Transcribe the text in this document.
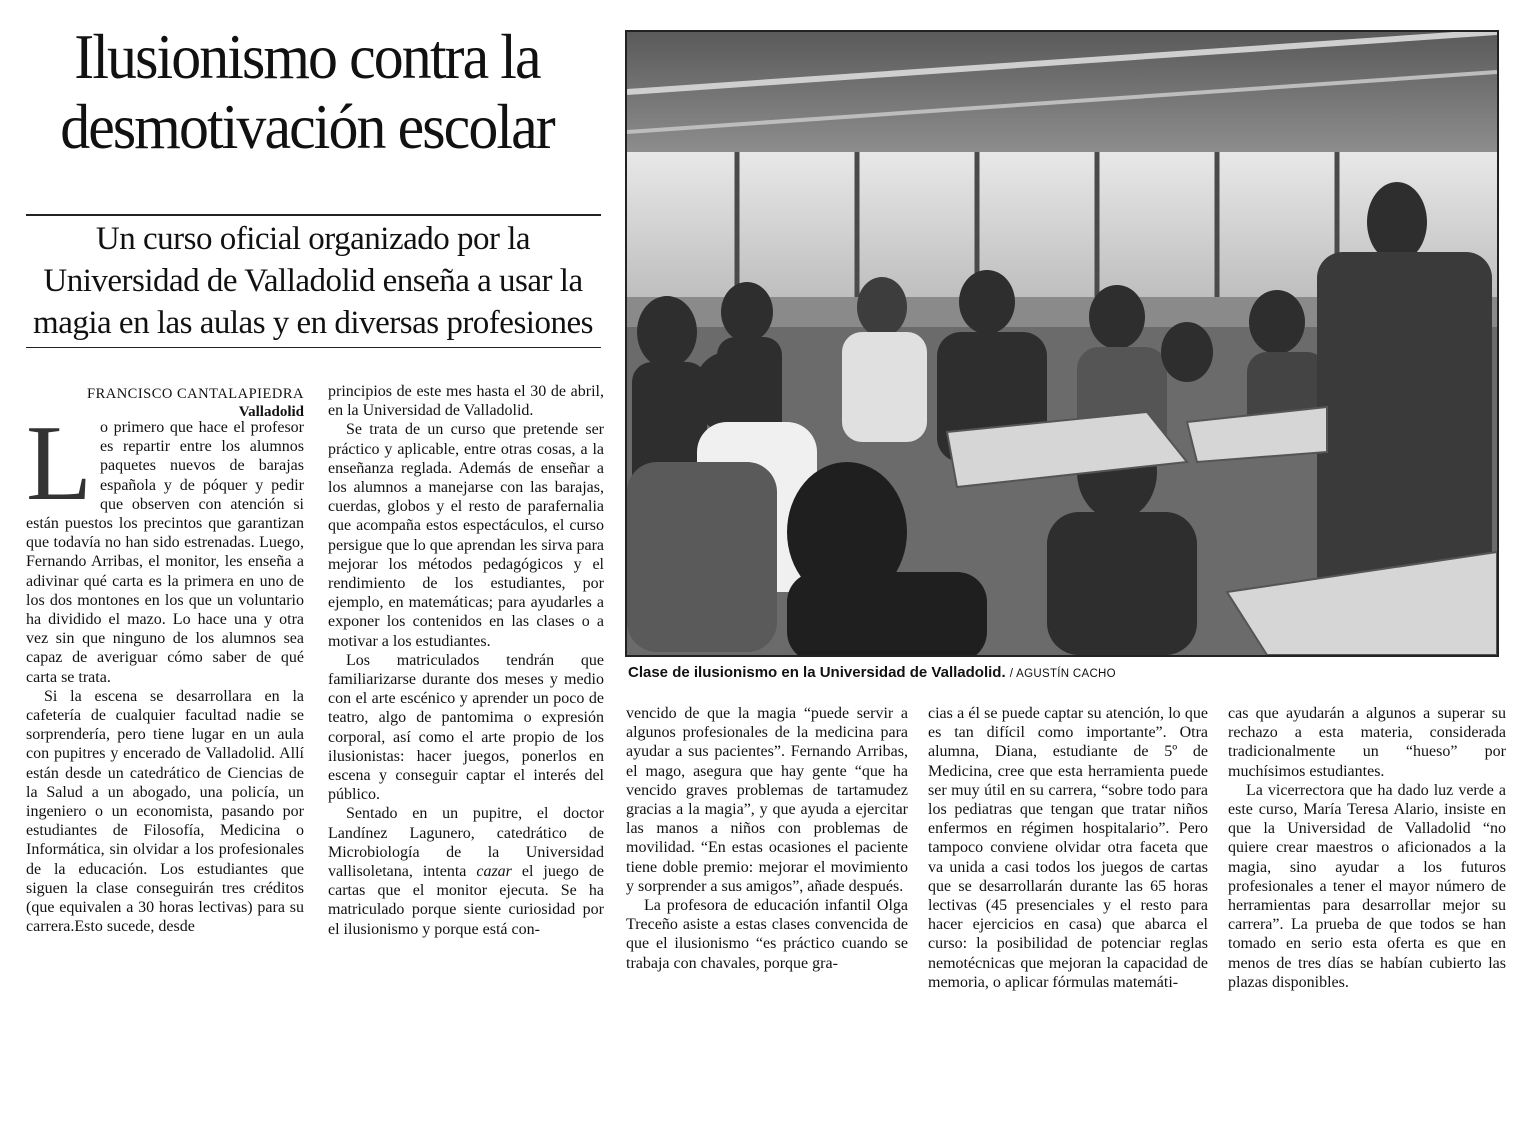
Ilusionismo contra la desmotivación escolar
Un curso oficial organizado por la Universidad de Valladolid enseña a usar la magia en las aulas y en diversas profesiones
FRANCISCO CANTALAPIEDRA
Valladolid

Lo primero que hace el profesor es repartir entre los alumnos paquetes nuevos de barajas española y de póquer y pedir que observen con atención si están puestos los precintos que garantizan que todavía no han sido estrenadas. Luego, Fernando Arribas, el monitor, les enseña a adivinar qué carta es la primera en uno de los dos montones en los que un voluntario ha dividido el mazo. Lo hace una y otra vez sin que ninguno de los alumnos sea capaz de averiguar cómo saber de qué carta se trata.

Si la escena se desarrollara en la cafetería de cualquier facultad nadie se sorprendería, pero tiene lugar en un aula con pupitres y encerado de Valladolid. Allí están desde un catedrático de Ciencias de la Salud a un abogado, una policía, un ingeniero o un economista, pasando por estudiantes de Filosofía, Medicina o Informática, sin olvidar a los profesionales de la educación. Los estudiantes que siguen la clase conseguirán tres créditos (que equivalen a 30 horas lectivas) para su carrera.Esto sucede, desde

principios de este mes hasta el 30 de abril, en la Universidad de Valladolid.

Se trata de un curso que pretende ser práctico y aplicable, entre otras cosas, a la enseñanza reglada. Además de enseñar a los alumnos a manejarse con las barajas, cuerdas, globos y el resto de parafernalia que acompaña estos espectáculos, el curso persigue que lo que aprendan les sirva para mejorar los métodos pedagógicos y el rendimiento de los estudiantes, por ejemplo, en matemáticas; para ayudarles a exponer los contenidos en las clases o a motivar a los estudiantes.

Los matriculados tendrán que familiarizarse durante dos meses y medio con el arte escénico y aprender un poco de teatro, algo de pantomima o expresión corporal, así como el arte propio de los ilusionistas: hacer juegos, ponerlos en escena y conseguir captar el interés del público.

Sentado en un pupitre, el doctor Landínez Lagunero, catedrático de Microbiología de la Universidad vallisoletana, intenta cazar el juego de cartas que el monitor ejecuta. Se ha matriculado porque siente curiosidad por el ilusionismo y porque está con-

Clase de ilusionismo en la Universidad de Valladolid. / AGUSTÍN CACHO

vencido de que la magia “puede servir a algunos profesionales de la medicina para ayudar a sus pacientes”. Fernando Arribas, el mago, asegura que hay gente “que ha vencido graves problemas de tartamudez gracias a la magia”, y que ayuda a ejercitar las manos a niños con problemas de movilidad. “En estas ocasiones el paciente tiene doble premio: mejorar el movimiento y sorprender a sus amigos”, añade después.

La profesora de educación infantil Olga Treceño asiste a estas clases convencida de que el ilusionismo “es práctico cuando se trabaja con chavales, porque gra-

cias a él se puede captar su atención, lo que es tan difícil como importante”. Otra alumna, Diana, estudiante de 5º de Medicina, cree que esta herramienta puede ser muy útil en su carrera, “sobre todo para los pediatras que tengan que tratar niños enfermos en régimen hospitalario”. Pero tampoco conviene olvidar otra faceta que va unida a casi todos los juegos de cartas que se desarrollarán durante las 65 horas lectivas (45 presenciales y el resto para hacer ejercicios en casa) que abarca el curso: la posibilidad de potenciar reglas nemotécnicas que mejoran la capacidad de memoria, o aplicar fórmulas matemáti-

cas que ayudarán a algunos a superar su rechazo a esta materia, considerada tradicionalmente un “hueso” por muchísimos estudiantes.

La vicerrectora que ha dado luz verde a este curso, María Teresa Alario, insiste en que la Universidad de Valladolid “no quiere crear maestros o aficionados a la magia, sino ayudar a los futuros profesionales a tener el mayor número de herramientas para desarrollar mejor su carrera”. La prueba de que todos se han tomado en serio esta oferta es que en menos de tres días se habían cubierto las plazas disponibles.
